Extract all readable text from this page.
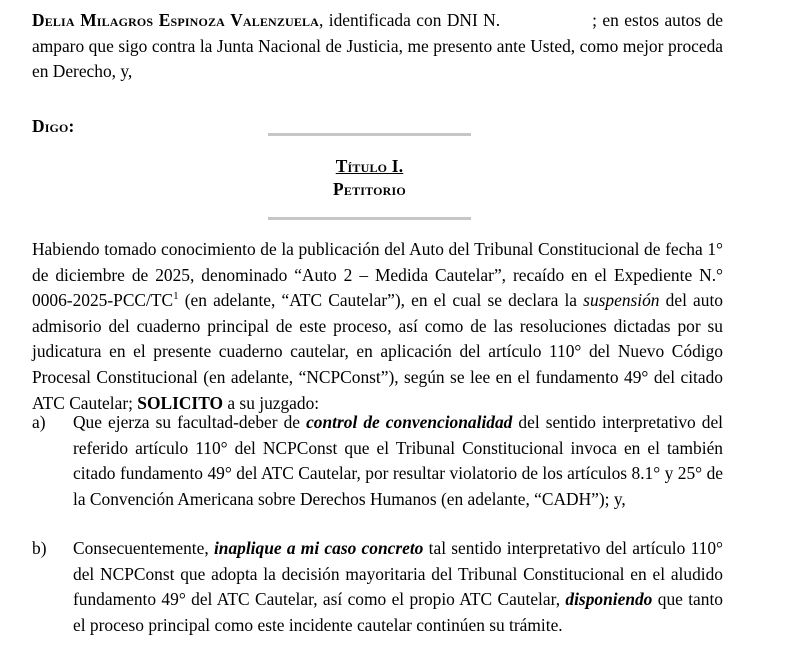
Delia Milagros Espinoza Valenzuela, identificada con DNI N.	; en estos autos de amparo que sigo contra la Junta Nacional de Justicia, me presento ante Usted, como mejor proceda en Derecho, y,

Digo:
Título I.
Petitorio

Habiendo tomado conocimiento de la publicación del Auto del Tribunal Constitucional de fecha 1° de diciembre de 2025, denominado “Auto 2 – Medida Cautelar”, recaído en el Expediente N.° 0006-2025-PCC/TC$^1$ (en adelante, “ATC Cautelar”), en el cual se declara la suspensión del auto admisorio del cuaderno principal de este proceso, así como de las resoluciones dictadas por su judicatura en el presente cuaderno cautelar, en aplicación del artículo 110° del Nuevo Código Procesal Constitucional (en adelante, “NCPConst”), según se lee en el fundamento 49° del citado ATC Cautelar; SOLICITO a su juzgado:

a) Que ejerza su facultad-deber de control de convencionalidad del sentido interpretativo del referido artículo 110° del NCPConst que el Tribunal Constitucional invoca en el también citado fundamento 49° del ATC Cautelar, por resultar violatorio de los artículos 8.1° y 25° de la Convención Americana sobre Derechos Humanos (en adelante, “CADH”); y,
b) Consecuentemente, inaplique a mi caso concreto tal sentido interpretativo del artículo 110° del NCPConst que adopta la decisión mayoritaria del Tribunal Constitucional en el aludido fundamento 49° del ATC Cautelar, así como el propio ATC Cautelar, disponiendo que tanto el proceso principal como este incidente cautelar continúen su trámite.
